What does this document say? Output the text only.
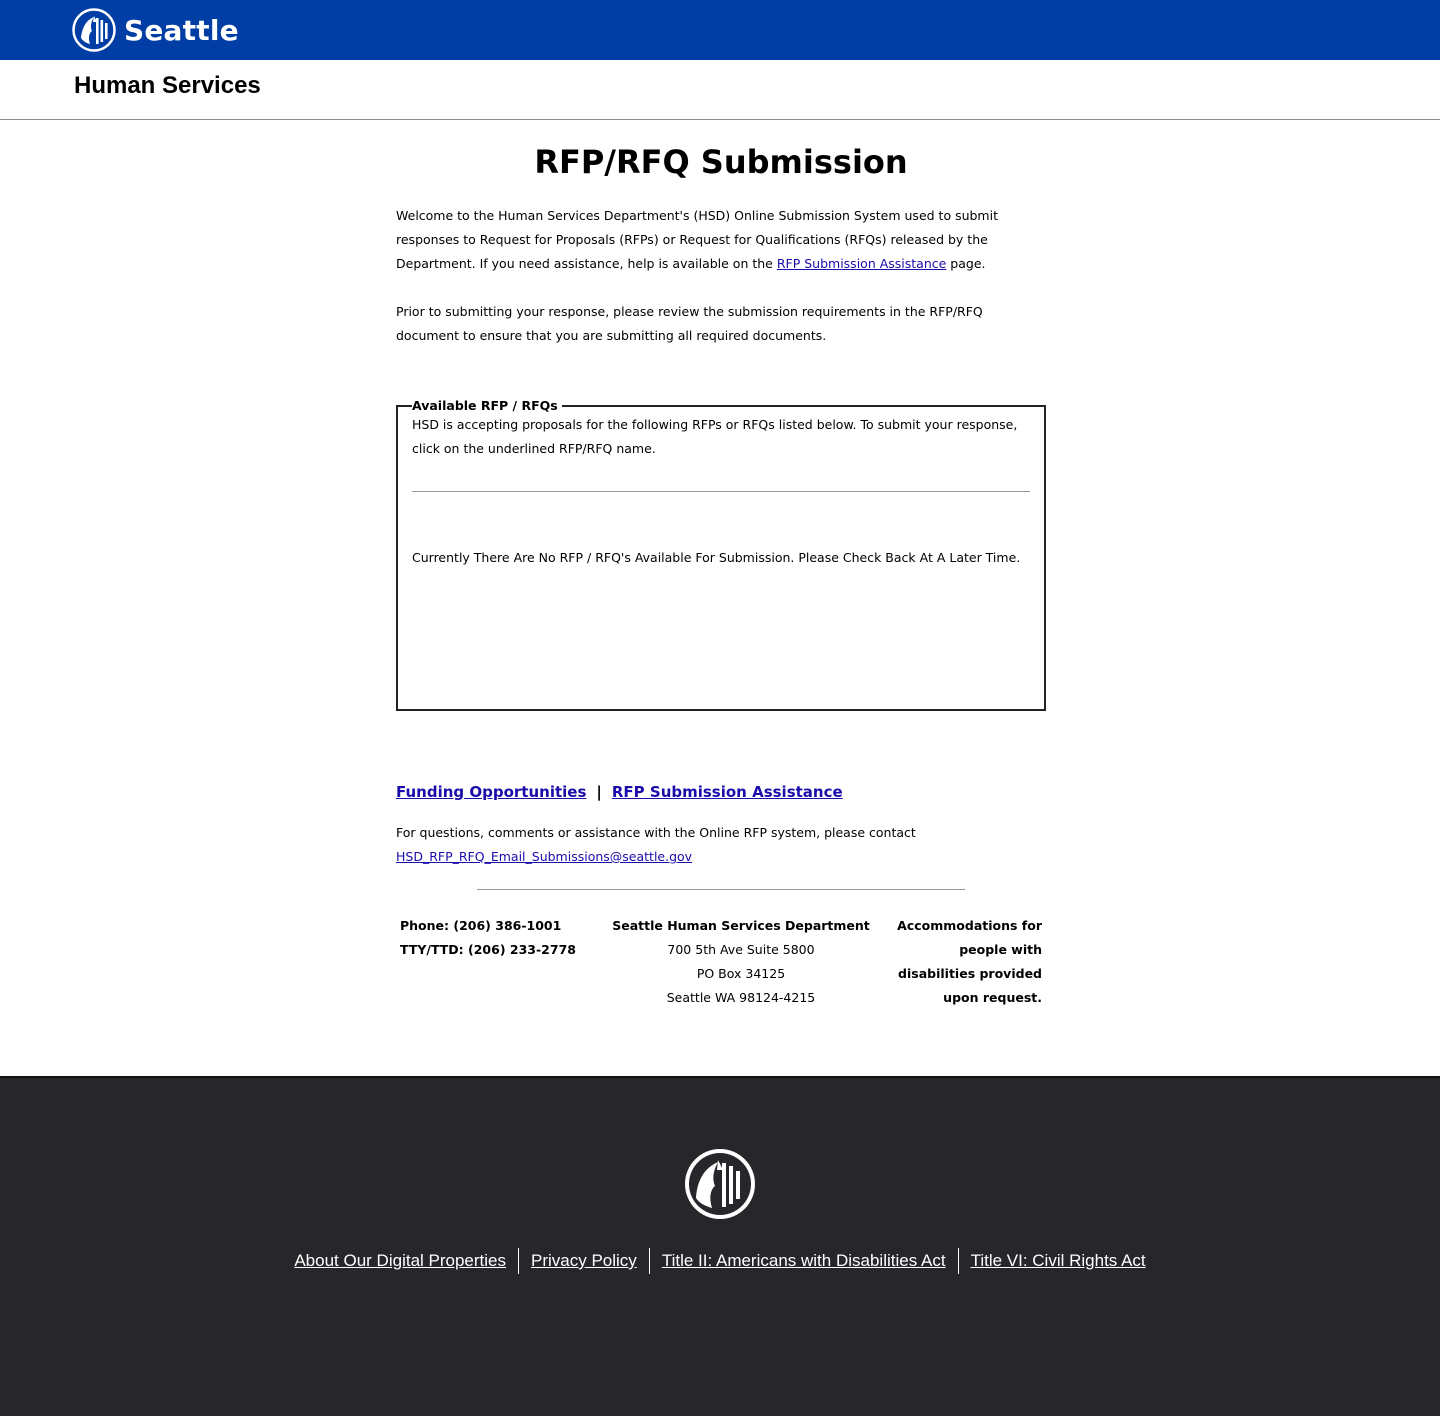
Seattle
Human Services
RFP/RFQ Submission

Welcome to the Human Services Department's (HSD) Online Submission System used to submit responses to Request for Proposals (RFPs) or Request for Qualifications (RFQs) released by the Department. If you need assistance, help is available on the RFP Submission Assistance page.

Prior to submitting your response, please review the submission requirements in the RFP/RFQ document to ensure that you are submitting all required documents.

Available RFP / RFQs

HSD is accepting proposals for the following RFPs or RFQs listed below. To submit your response, click on the underlined RFP/RFQ name.

Currently There Are No RFP / RFQ's Available For Submission. Please Check Back At A Later Time.

Funding Opportunities | RFP Submission Assistance
For questions, comments or assistance with the Online RFP system, please contact
HSD_RFP_RFQ_Email_Submissions@seattle.gov
Phone: (206) 386-1001
TTY/TTD: (206) 233-2778
Seattle Human Services Department
700 5th Ave Suite 5800
PO Box 34125
Seattle WA 98124-4215
Accommodations for people with disabilities provided upon request.
About Our Digital Properties	Privacy Policy	Title II: Americans with Disabilities Act	Title VI: Civil Rights Act
